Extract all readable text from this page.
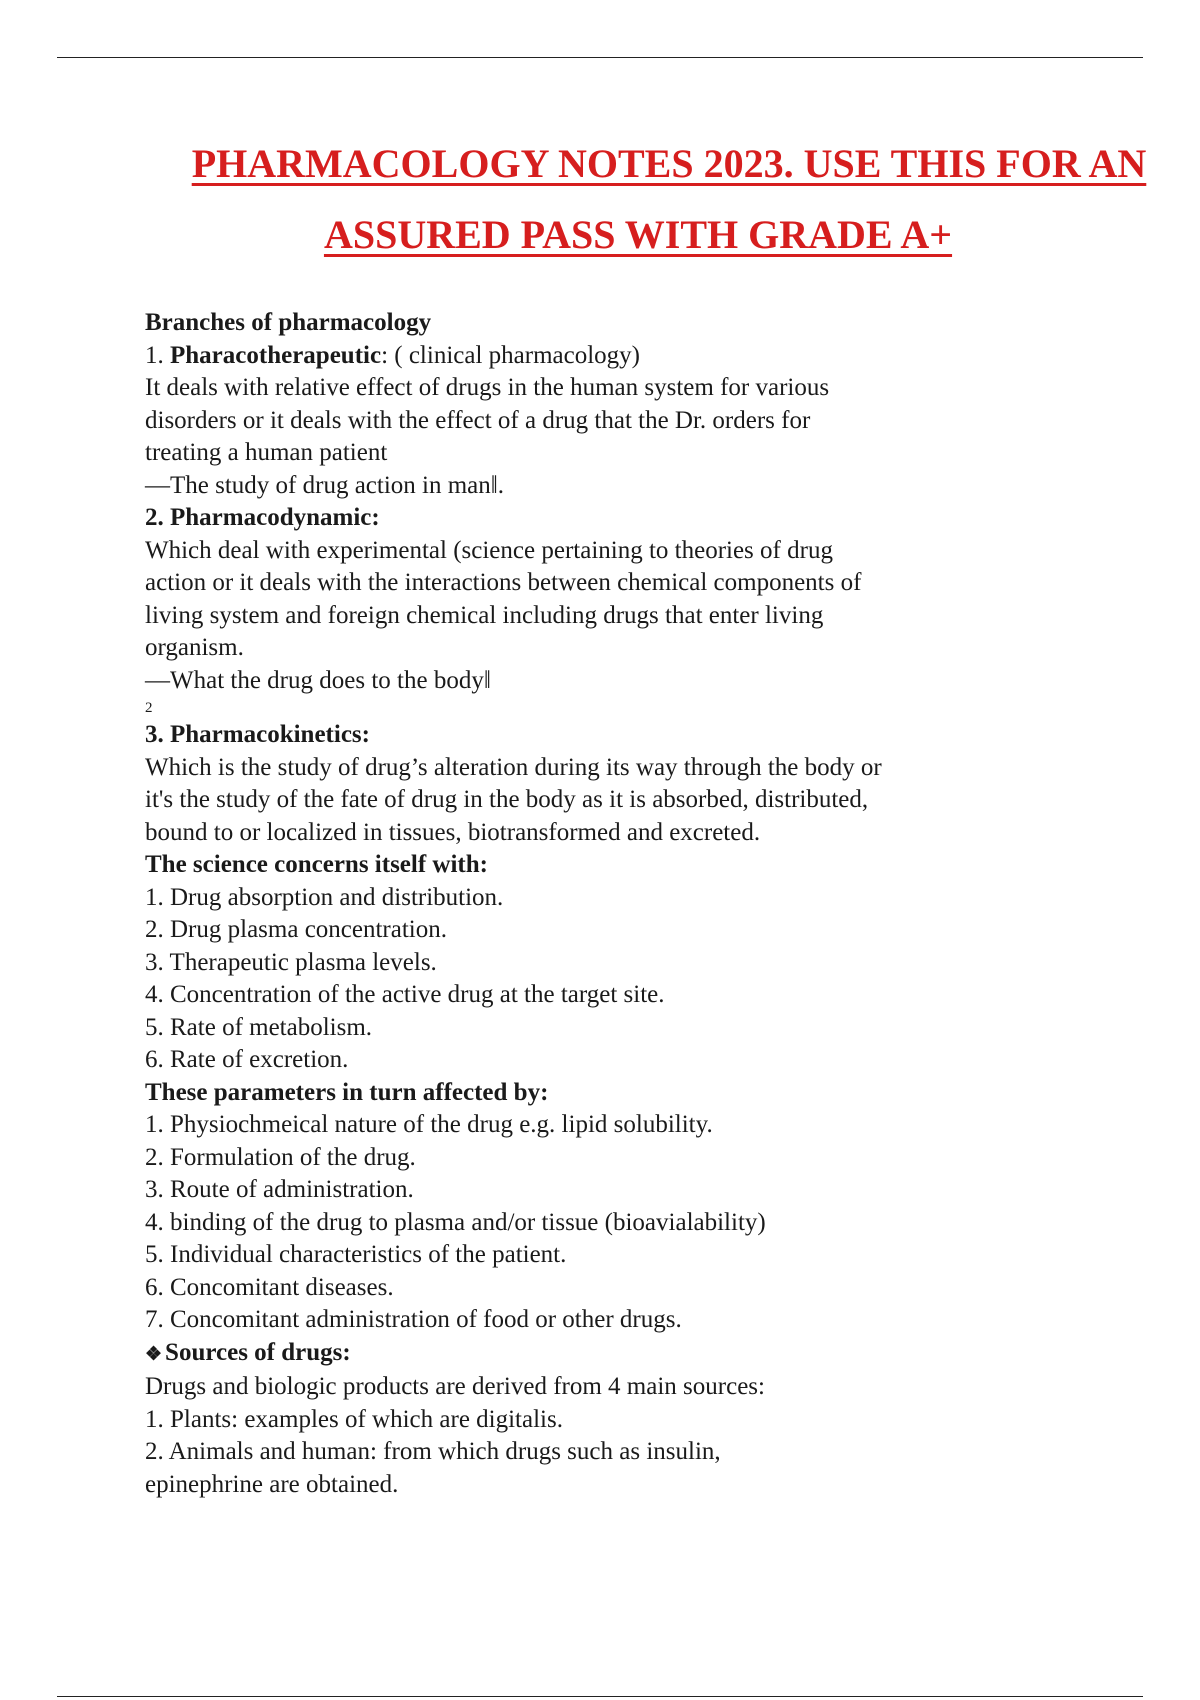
PHARMACOLOGY NOTES 2023. USE THIS FOR AN
ASSURED PASS WITH GRADE A+

Branches of pharmacology

1. Pharacotherapeutic: ( clinical pharmacology)

It deals with relative effect of drugs in the human system for various

disorders or it deals with the effect of a drug that the Dr. orders for

treating a human patient

—The study of drug action in man‖.

2. Pharmacodynamic:

Which deal with experimental (science pertaining to theories of drug

action or it deals with the interactions between chemical components of

living system and foreign chemical including drugs that enter living

organism.

—What the drug does to the body‖

2

3. Pharmacokinetics:

Which is the study of drug’s alteration during its way through the body or

it's the study of the fate of drug in the body as it is absorbed, distributed,

bound to or localized in tissues, biotransformed and excreted.

The science concerns itself with:

1. Drug absorption and distribution.

2. Drug plasma concentration.

3. Therapeutic plasma levels.

4. Concentration of the active drug at the target site.

5. Rate of metabolism.

6. Rate of excretion.

These parameters in turn affected by:

1. Physiochmeical nature of the drug e.g. lipid solubility.

2. Formulation of the drug.

3. Route of administration.

4. binding of the drug to plasma and/or tissue (bioavialability)

5. Individual characteristics of the patient.

6. Concomitant diseases.

7. Concomitant administration of food or other drugs.

❖ Sources of drugs:

Drugs and biologic products are derived from 4 main sources:

1. Plants: examples of which are digitalis.

2. Animals and human: from which drugs such as insulin,

epinephrine are obtained.
